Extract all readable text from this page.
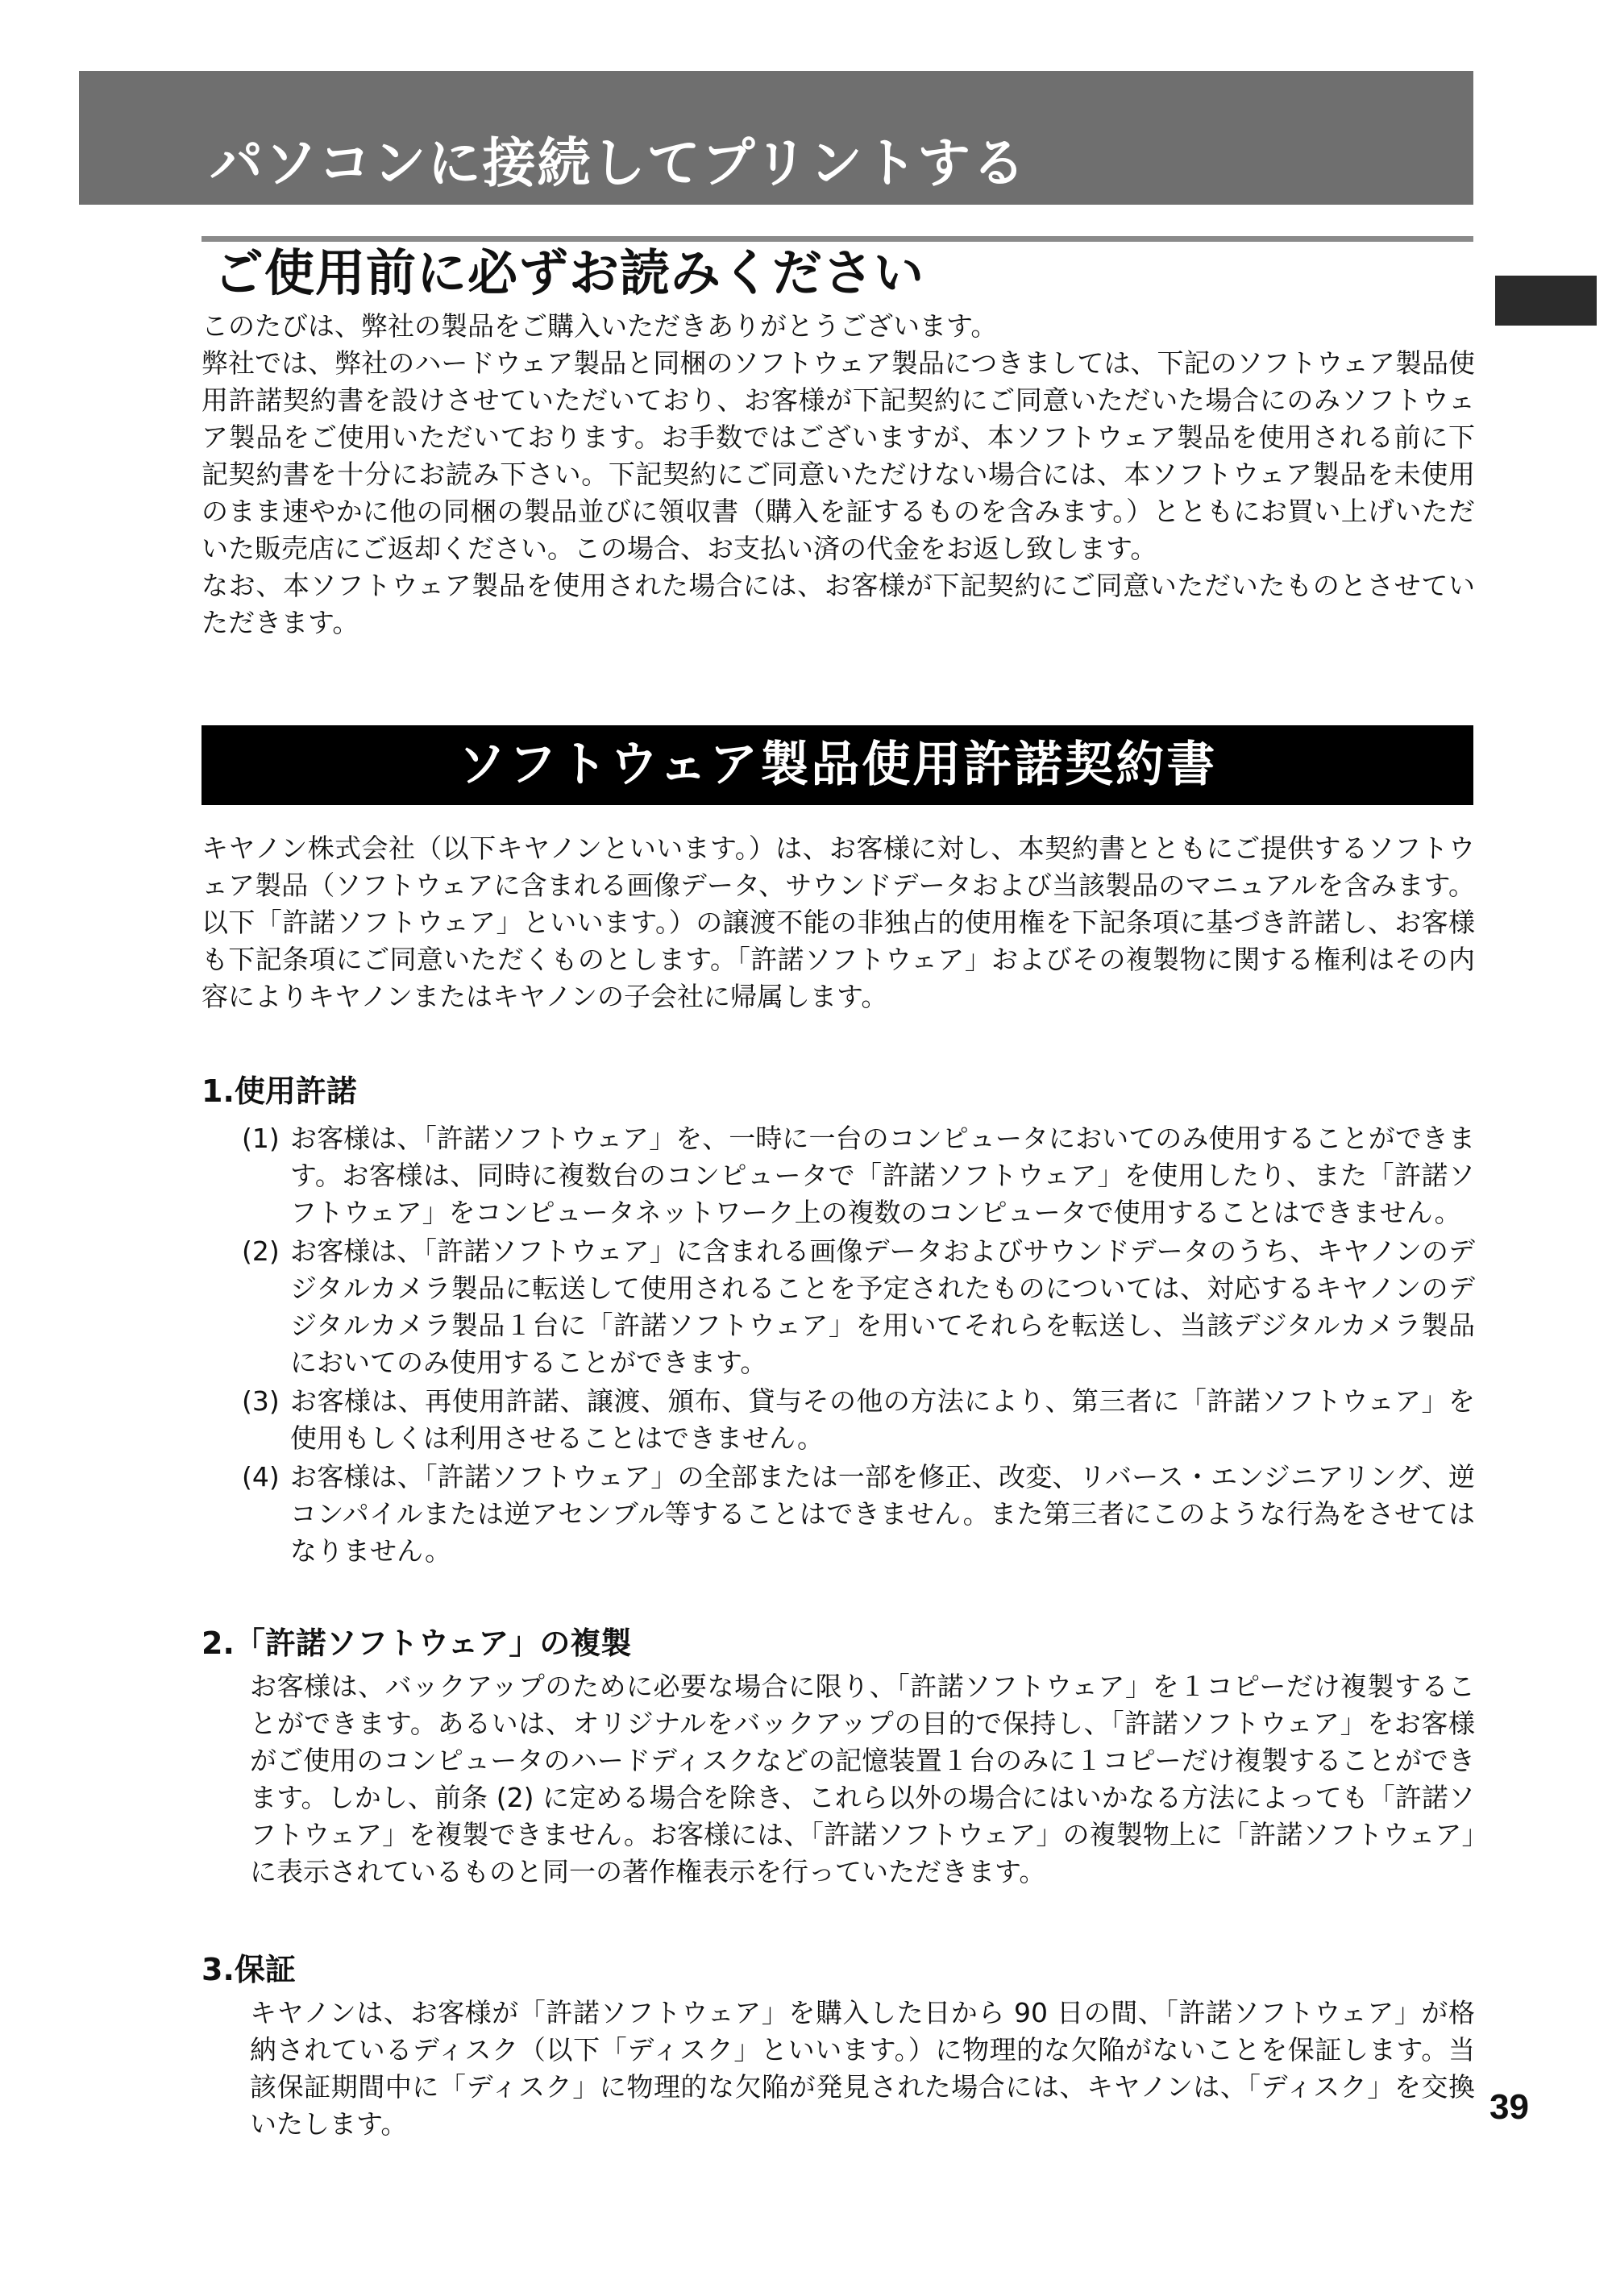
パソコンに接続してプリントする
ご使用前に必ずお読みください

このたびは、弊社の製品をご購入いただきありがとうございます。

弊社では、弊社のハードウェア製品と同梱のソフトウェア製品につきましては、下記のソフトウェア製品使用許諾契約書を設けさせていただいており、お客様が下記契約にご同意いただいた場合にのみソフトウェア製品をご使用いただいております。お手数ではございますが、本ソフトウェア製品を使用される前に下記契約書を十分にお読み下さい。下記契約にご同意いただけない場合には、本ソフトウェア製品を未使用のまま速やかに他の同梱の製品並びに領収書（購入を証するものを含みます。）とともにお買い上げいただいた販売店にご返却ください。この場合、お支払い済の代金をお返し致します。

なお、本ソフトウェア製品を使用された場合には、お客様が下記契約にご同意いただいたものとさせていただきます。

ソフトウェア製品使用許諾契約書

キヤノン株式会社（以下キヤノンといいます。）は、お客様に対し、本契約書とともにご提供するソフトウェア製品（ソフトウェアに含まれる画像データ、サウンドデータおよび当該製品のマニュアルを含みます。以下「許諾ソフトウェア」といいます。）の譲渡不能の非独占的使用権を下記条項に基づき許諾し、お客様も下記条項にご同意いただくものとします。「許諾ソフトウェア」およびその複製物に関する権利はその内容によりキヤノンまたはキヤノンの子会社に帰属します。

1.使用許諾
(1) お客様は、「許諾ソフトウェア」を、一時に一台のコンピュータにおいてのみ使用することができます。お客様は、同時に複数台のコンピュータで「許諾ソフトウェア」を使用したり、また「許諾ソフトウェア」をコンピュータネットワーク上の複数のコンピュータで使用することはできません。
(2) お客様は、「許諾ソフトウェア」に含まれる画像データおよびサウンドデータのうち、キヤノンのデジタルカメラ製品に転送して使用されることを予定されたものについては、対応するキヤノンのデジタルカメラ製品１台に「許諾ソフトウェア」を用いてそれらを転送し、当該デジタルカメラ製品においてのみ使用することができます。
(3) お客様は、再使用許諾、譲渡、頒布、貸与その他の方法により、第三者に「許諾ソフトウェア」を使用もしくは利用させることはできません。
(4) お客様は、「許諾ソフトウェア」の全部または一部を修正、改変、リバース・エンジニアリング、逆コンパイルまたは逆アセンブル等することはできません。また第三者にこのような行為をさせてはなりません。
2.「許諾ソフトウェア」の複製

お客様は、バックアップのために必要な場合に限り、「許諾ソフトウェア」を１コピーだけ複製することができます。あるいは、オリジナルをバックアップの目的で保持し、「許諾ソフトウェア」をお客様がご使用のコンピュータのハードディスクなどの記憶装置１台のみに１コピーだけ複製することができます。しかし、前条 (2) に定める場合を除き、これら以外の場合にはいかなる方法によっても「許諾ソフトウェア」を複製できません。お客様には、「許諾ソフトウェア」の複製物上に「許諾ソフトウェア」に表示されているものと同一の著作権表示を行っていただきます。

3.保証

キヤノンは、お客様が「許諾ソフトウェア」を購入した日から 90 日の間、「許諾ソフトウェア」が格納されているディスク（以下「ディスク」といいます。）に物理的な欠陥がないことを保証します。当該保証期間中に「ディスク」に物理的な欠陥が発見された場合には、キヤノンは、「ディスク」を交換いたします。	39
